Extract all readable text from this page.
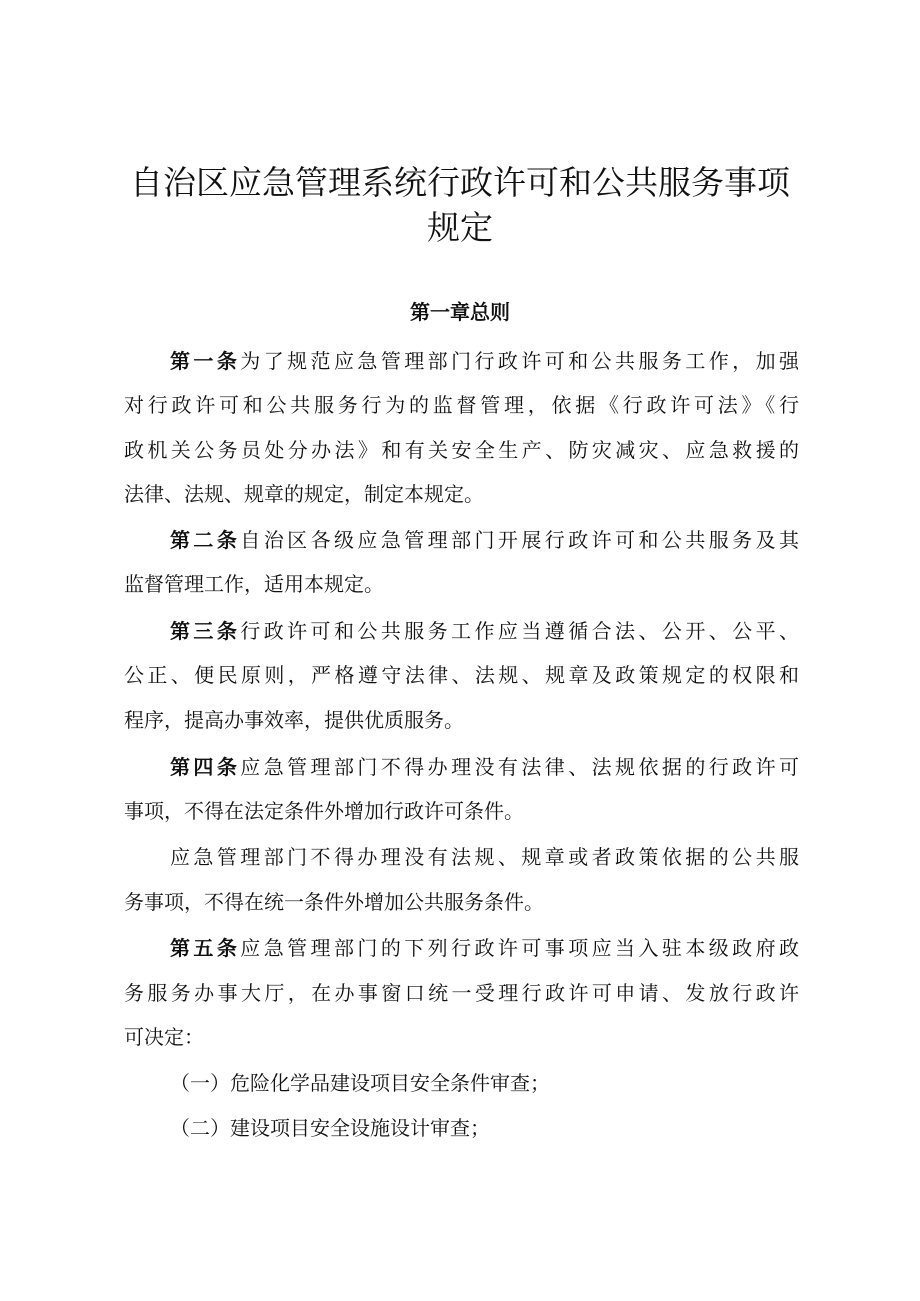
自治区应急管理系统行政许可和公共服务事项
规定
第一章总则
第一条为了规范应急管理部门行政许可和公共服务工作，加强
对行政许可和公共服务行为的监督管理，依据《行政许可法》《行
政机关公务员处分办法》和有关安全生产、防灾减灾、应急救援的
法律、法规、规章的规定，制定本规定。
第二条自治区各级应急管理部门开展行政许可和公共服务及其
监督管理工作，适用本规定。
第三条行政许可和公共服务工作应当遵循合法、公开、公平、
公正、便民原则，严格遵守法律、法规、规章及政策规定的权限和
程序，提高办事效率，提供优质服务。
第四条应急管理部门不得办理没有法律、法规依据的行政许可
事项，不得在法定条件外增加行政许可条件。
应急管理部门不得办理没有法规、规章或者政策依据的公共服
务事项，不得在统一条件外增加公共服务条件。
第五条应急管理部门的下列行政许可事项应当入驻本级政府政
务服务办事大厅，在办事窗口统一受理行政许可申请、发放行政许
可决定：
（一）危险化学品建设项目安全条件审查；
（二）建设项目安全设施设计审查；
